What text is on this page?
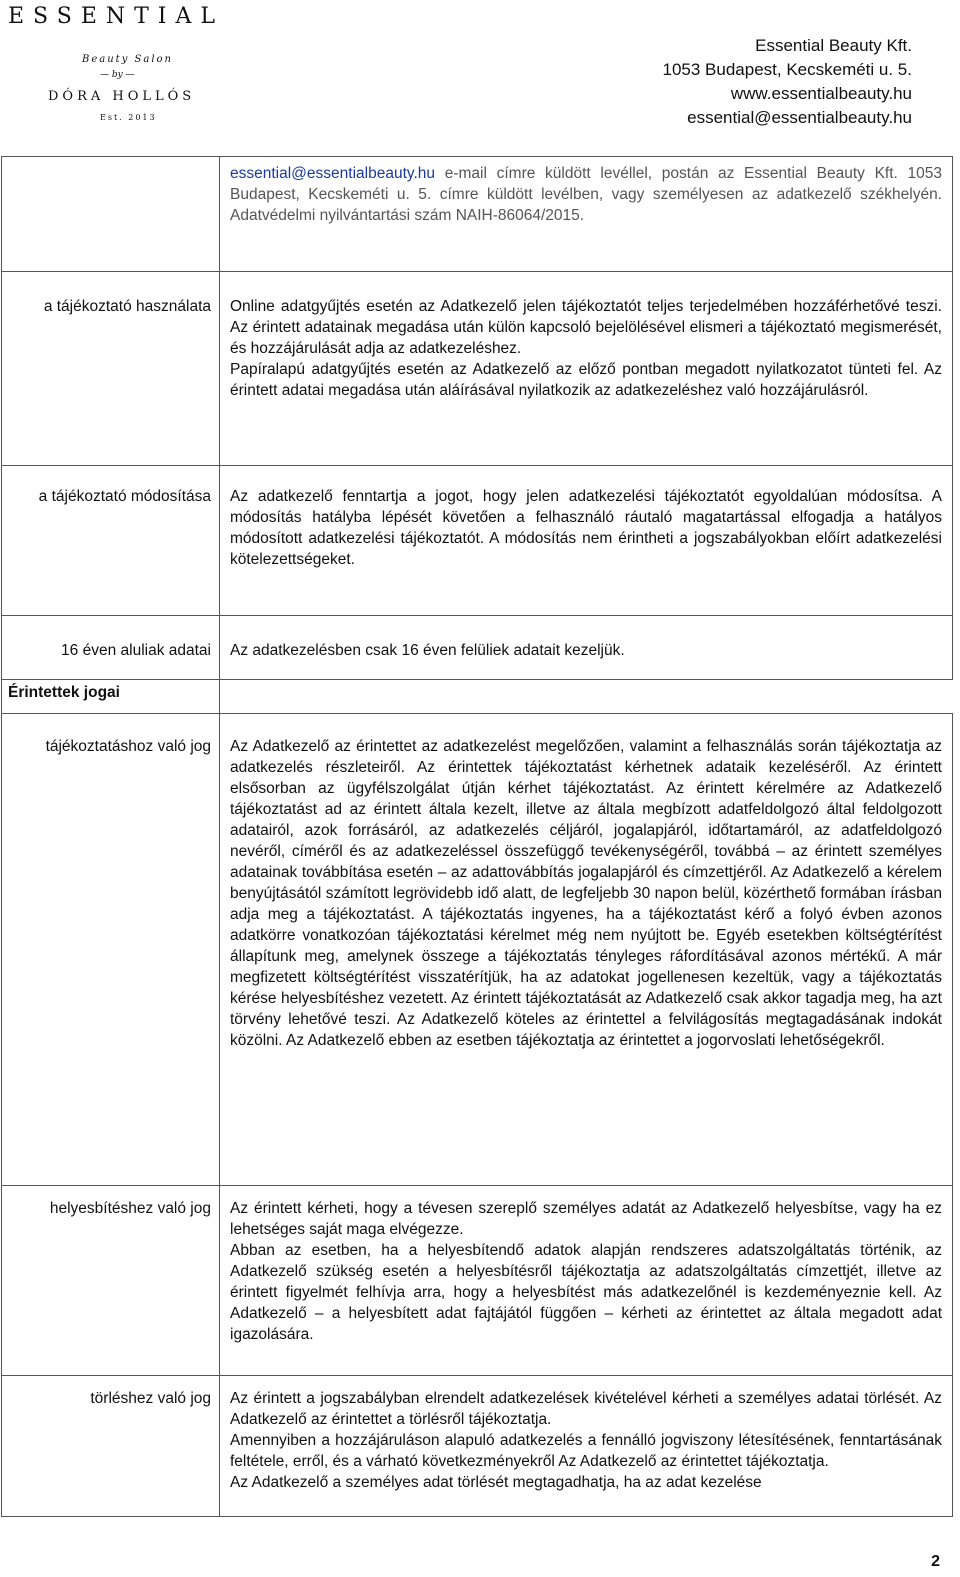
ESSENTIAL
Beauty Salon
— by —
DÓRA HOLLÓS
Est. 2013
Essential Beauty Kft.
1053 Budapest, Kecskeméti u. 5.
www.essentialbeauty.hu
essential@essentialbeauty.hu
	essential@essentialbeauty.hu e-mail címre küldött levéllel, postán az Essential Beauty Kft. 1053 Budapest, Kecskeméti u. 5. címre küldött levélben, vagy személyesen az adatkezelő székhelyén. Adatvédelmi nyilvántartási szám NAIH-86064/2015.
a tájékoztató használata	Online adatgyűjtés esetén az Adatkezelő jelen tájékoztatót teljes terjedelmében hozzáférhetővé teszi. Az érintett adatainak megadása után külön kapcsoló bejelölésével elismeri a tájékoztató megismerését, és hozzájárulását adja az adatkezeléshez.

Papíralapú adatgyűjtés esetén az Adatkezelő az előző pontban megadott nyilatkozatot tünteti fel. Az érintett adatai megadása után aláírásával nyilatkozik az adatkezeléshez való hozzájárulásról.

a tájékoztató módosítása	Az adatkezelő fenntartja a jogot, hogy jelen adatkezelési tájékoztatót egyoldalúan módosítsa. A módosítás hatályba lépését követően a felhasználó ráutaló magatartással elfogadja a hatályos módosított adatkezelési tájékoztatót. A módosítás nem érintheti a jogszabályokban előírt adatkezelési kötelezettségeket.

16 éven aluliak adatai	Az adatkezelésben csak 16 éven felüliek adatait kezeljük.

Érintettek jogai	
tájékoztatáshoz való jog	Az Adatkezelő az érintettet az adatkezelést megelőzően, valamint a felhasználás során tájékoztatja az adatkezelés részleteiről. Az érintettek tájékoztatást kérhetnek adataik kezeléséről. Az érintett elsősorban az ügyfélszolgálat útján kérhet tájékoztatást. Az érintett kérelmére az Adatkezelő tájékoztatást ad az érintett általa kezelt, illetve az általa megbízott adatfeldolgozó által feldolgozott adatairól, azok forrásáról, az adatkezelés céljáról, jogalapjáról, időtartamáról, az adatfeldolgozó nevéről, címéről és az adatkezeléssel összefüggő tevékenységéről, továbbá – az érintett személyes adatainak továbbítása esetén – az adattovábbítás jogalapjáról és címzettjéről. Az Adatkezelő a kérelem benyújtásától számított legrövidebb idő alatt, de legfeljebb 30 napon belül, közérthető formában írásban adja meg a tájékoztatást. A tájékoztatás ingyenes, ha a tájékoztatást kérő a folyó évben azonos adatkörre vonatkozóan tájékoztatási kérelmet még nem nyújtott be. Egyéb esetekben költségtérítést állapítunk meg, amelynek összege a tájékoztatás tényleges ráfordításával azonos mértékű. A már megfizetett költségtérítést visszatérítjük, ha az adatokat jogellenesen kezeltük, vagy a tájékoztatás kérése helyesbítéshez vezetett. Az érintett tájékoztatását az Adatkezelő csak akkor tagadja meg, ha azt törvény lehetővé teszi. Az Adatkezelő köteles az érintettel a felvilágosítás megtagadásának indokát közölni. Az Adatkezelő ebben az esetben tájékoztatja az érintettet a jogorvoslati lehetőségekről.

helyesbítéshez való jog	Az érintett kérheti, hogy a tévesen szereplő személyes adatát az Adatkezelő helyesbítse, vagy ha ez lehetséges saját maga elvégezze.

Abban az esetben, ha a helyesbítendő adatok alapján rendszeres adatszolgáltatás történik, az Adatkezelő szükség esetén a helyesbítésről tájékoztatja az adatszolgáltatás címzettjét, illetve az érintett figyelmét felhívja arra, hogy a helyesbítést más adatkezelőnél is kezdeményeznie kell. Az Adatkezelő – a helyesbített adat fajtájától függően – kérheti az érintettet az általa megadott adat igazolására.

törléshez való jog	Az érintett a jogszabályban elrendelt adatkezelések kivételével kérheti a személyes adatai törlését. Az Adatkezelő az érintettet a törlésről tájékoztatja.

Amennyiben a hozzájáruláson alapuló adatkezelés a fennálló jogviszony létesítésének, fenntartásának feltétele, erről, és a várható következményekről Az Adatkezelő az érintettet tájékoztatja.

Az Adatkezelő a személyes adat törlését megtagadhatja, ha az adat kezelése

2
